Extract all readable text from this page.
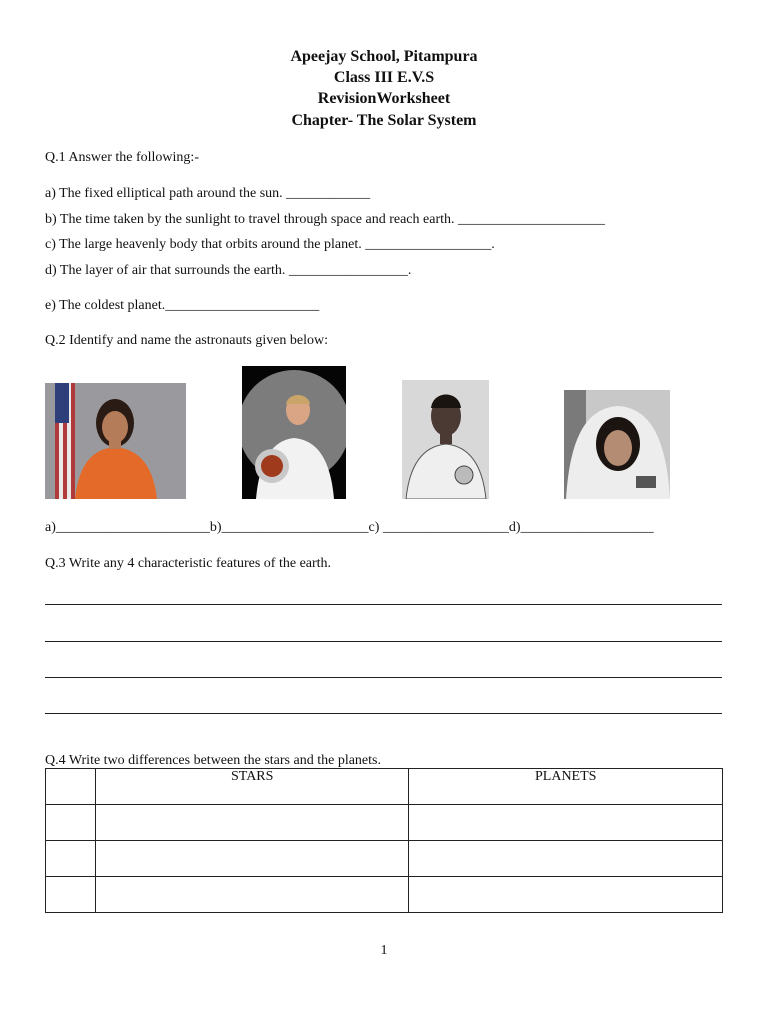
Apeejay School, Pitampura
Class III E.V.S
RevisionWorksheet
Chapter- The Solar System
Q.1 Answer the following:-
a) The fixed elliptical path around the sun. ____________
b) The time taken by the sunlight to travel through space and reach earth. _____________________
c) The large heavenly body that orbits around the planet. __________________.
d) The layer of air that surrounds the earth. _________________.
e) The coldest planet.______________________
Q.2 Identify and name the astronauts given below:
a)______________________b)_____________________c) __________________d)___________________
Q.3 Write any 4 characteristic features of the earth.
Q.4 Write two differences between the stars and the planets.
	STARS	PLANETS

1
